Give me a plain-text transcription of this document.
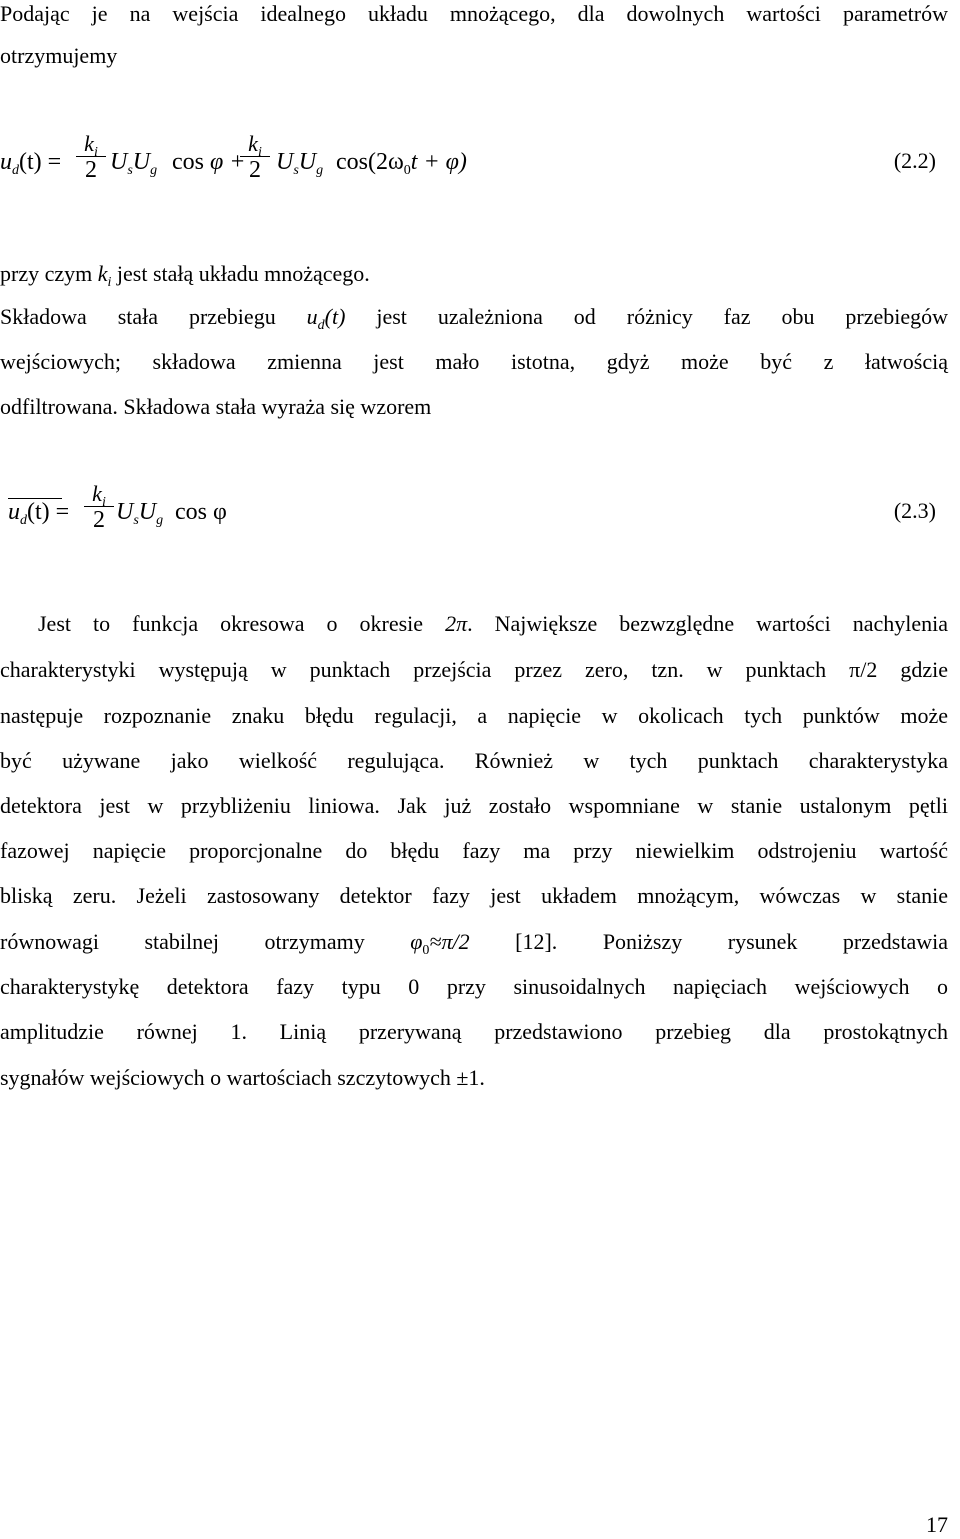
Podając je na wejścia idealnego układu mnożącego, dla dowolnych wartości parametrów
otrzymujemy
$u_d(t) = \frac{k_i}{2} U_sU_g$ cos φ +
$\frac{k_i}{2} U_sU_g$ $\cos(2\omega_0t + \varphi)$	(2.2)
przy czym $k_i$ jest stałą układu mnożącego.
Składowa stała przebiegu $u_d(t)$ jest uzależniona od różnicy faz obu przebiegów
wejściowych; składowa zmienna jest mało istotna, gdyż może być z łatwością
odfiltrowana. Składowa stała wyraża się wzorem
$u_d(t) = \frac{k_i}{2} U_sU_g$ cos φ	(2.3)
Jest to funkcja okresowa o okresie 2π. Największe bezwzględne wartości nachylenia
charakterystyki występują w punktach przejścia przez zero, tzn. w punktach π/2 gdzie
następuje rozpoznanie znaku błędu regulacji, a napięcie w okolicach tych punktów może
być używane jako wielkość regulująca. Również w tych punktach charakterystyka
detektora jest w przybliżeniu liniowa. Jak już zostało wspomniane w stanie ustalonym pętli
fazowej napięcie proporcjonalne do błędu fazy ma przy niewielkim odstrojeniu wartość
bliską zeru. Jeżeli zastosowany detektor fazy jest układem mnożącym, wówczas w stanie
równowagi stabilnej otrzymamy $\varphi_0\approx\pi/2$ [12]. Poniższy rysunek przedstawia
charakterystykę detektora fazy typu 0 przy sinusoidalnych napięciach wejściowych o
amplitudzie równej 1. Linią przerywaną przedstawiono przebieg dla prostokątnych
sygnałów wejściowych o wartościach szczytowych ±1.
17
